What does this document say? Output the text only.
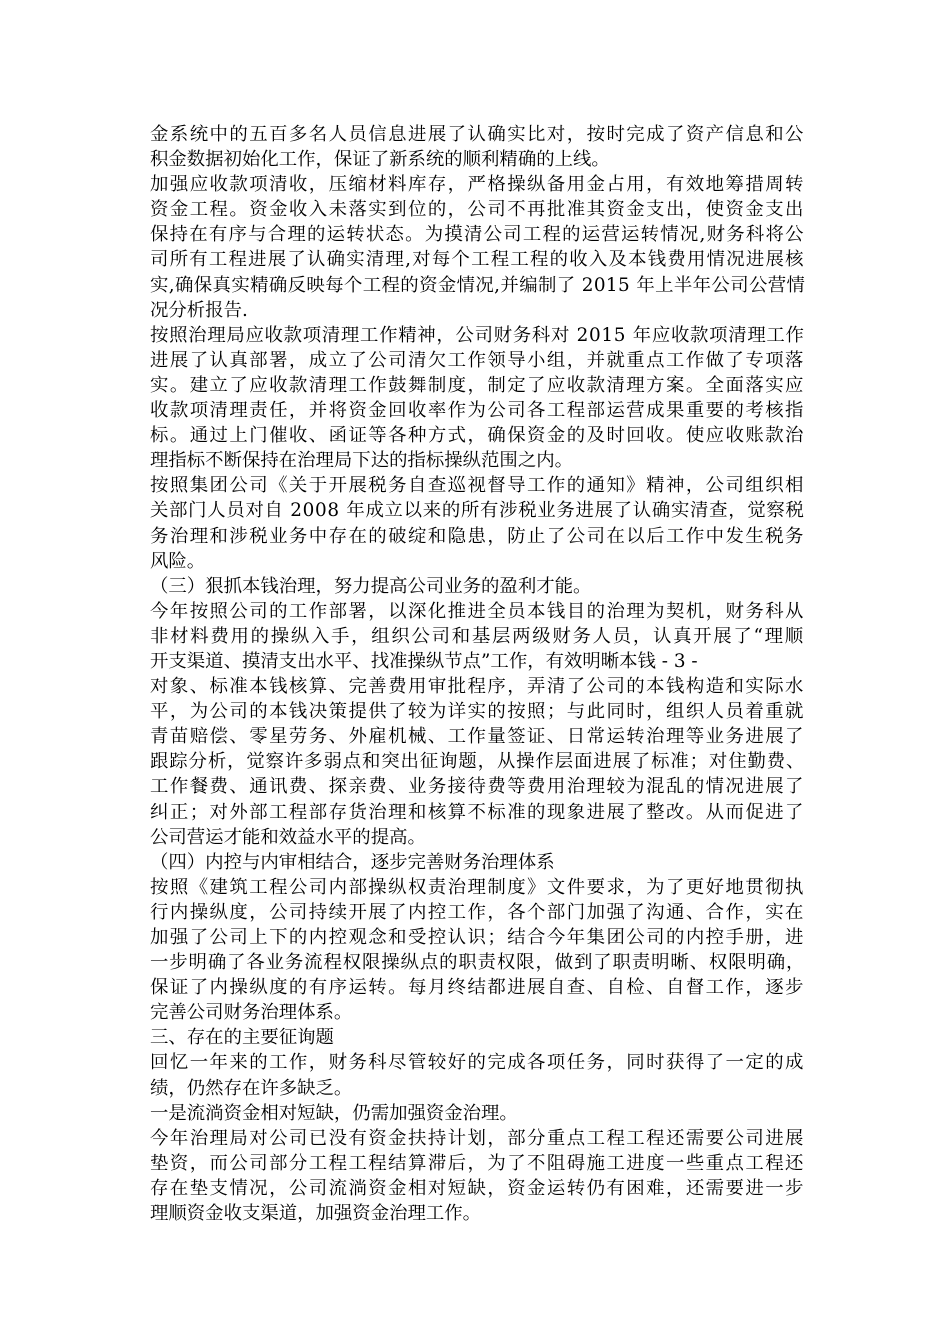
金系统中的五百多名人员信息进展了认确实比对，按时完成了资产信息和公
积金数据初始化工作，保证了新系统的顺利精确的上线。
加强应收款项清收，压缩材料库存，严格操纵备用金占用，有效地筹措周转
资金工程。资金收入未落实到位的，公司不再批准其资金支出，使资金支出
保持在有序与合理的运转状态。为摸清公司工程的运营运转情况,财务科将公
司所有工程进展了认确实清理,对每个工程工程的收入及本钱费用情况进展核
实,确保真实精确反映每个工程的资金情况,并编制了 2015 年上半年公司公营情
况分析报告.
按照治理局应收款项清理工作精神，公司财务科对 2015 年应收款项清理工作
进展了认真部署，成立了公司清欠工作领导小组，并就重点工作做了专项落
实。建立了应收款清理工作鼓舞制度，制定了应收款清理方案。全面落实应
收款项清理责任，并将资金回收率作为公司各工程部运营成果重要的考核指
标。通过上门催收、函证等各种方式，确保资金的及时回收。使应收账款治
理指标不断保持在治理局下达的指标操纵范围之内。
按照集团公司《关于开展税务自查巡视督导工作的通知》精神，公司组织相
关部门人员对自 2008 年成立以来的所有涉税业务进展了认确实清查，觉察税
务治理和涉税业务中存在的破绽和隐患，防止了公司在以后工作中发生税务
风险。
（三）狠抓本钱治理，努力提高公司业务的盈利才能。
今年按照公司的工作部署，以深化推进全员本钱目的治理为契机，财务科从
非材料费用的操纵入手，组织公司和基层两级财务人员，认真开展了“理顺
开支渠道、摸清支出水平、找准操纵节点”工作，有效明晰本钱 - 3 -
对象、标准本钱核算、完善费用审批程序，弄清了公司的本钱构造和实际水
平，为公司的本钱决策提供了较为详实的按照；与此同时，组织人员着重就
青苗赔偿、零星劳务、外雇机械、工作量签证、日常运转治理等业务进展了
跟踪分析，觉察许多弱点和突出征询题，从操作层面进展了标准；对住勤费、
工作餐费、通讯费、探亲费、业务接待费等费用治理较为混乱的情况进展了
纠正；对外部工程部存货治理和核算不标准的现象进展了整改。从而促进了
公司营运才能和效益水平的提高。
（四）内控与内审相结合，逐步完善财务治理体系
按照《建筑工程公司内部操纵权责治理制度》文件要求，为了更好地贯彻执
行内操纵度，公司持续开展了内控工作，各个部门加强了沟通、合作，实在
加强了公司上下的内控观念和受控认识；结合今年集团公司的内控手册，进
一步明确了各业务流程权限操纵点的职责权限，做到了职责明晰、权限明确，
保证了内操纵度的有序运转。每月终结都进展自查、自检、自督工作，逐步
完善公司财务治理体系。
三、存在的主要征询题
回忆一年来的工作，财务科尽管较好的完成各项任务，同时获得了一定的成
绩，仍然存在许多缺乏。
一是流淌资金相对短缺，仍需加强资金治理。
今年治理局对公司已没有资金扶持计划，部分重点工程工程还需要公司进展
垫资，而公司部分工程工程结算滞后，为了不阻碍施工进度一些重点工程还
存在垫支情况，公司流淌资金相对短缺，资金运转仍有困难，还需要进一步
理顺资金收支渠道，加强资金治理工作。
